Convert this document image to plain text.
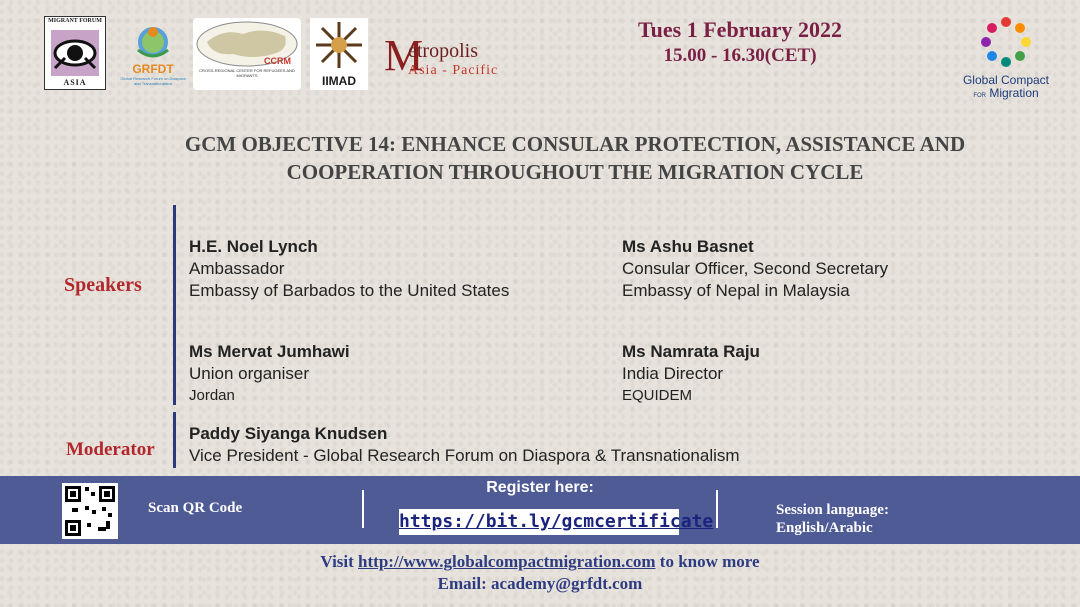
MIGRANT FORUM
ASIA
GRFDT
Global Research Forum on Diaspora and Transnationalism
CCRM
CROSS-REGIONAL CENTER FOR REFUGEES AND MIGRANTS	IIMAD
M
etropolis
Asia - Pacific
Tues 1 February 2022
15.00 - 16.30(CET)
Global Compact
FOR Migration
GCM OBJECTIVE 14: ENHANCE CONSULAR PROTECTION, ASSISTANCE AND
COOPERATION THROUGHOUT THE MIGRATION CYCLE
Speakers
H.E. Noel Lynch
Ambassador
Embassy of Barbados to the United States
Ms Ashu Basnet
Consular Officer, Second Secretary
Embassy of Nepal in Malaysia
Ms Mervat Jumhawi
Union organiser
Jordan
Ms Namrata Raju
India Director
EQUIDEM
Moderator
Paddy Siyanga Knudsen
Vice President - Global Research Forum on Diaspora & Transnationalism
Scan QR Code
Register here:
https://bit.ly/gcmcertificate
Session language:
English/Arabic
Visit http://www.globalcompactmigration.com to know more
Email: academy@grfdt.com
